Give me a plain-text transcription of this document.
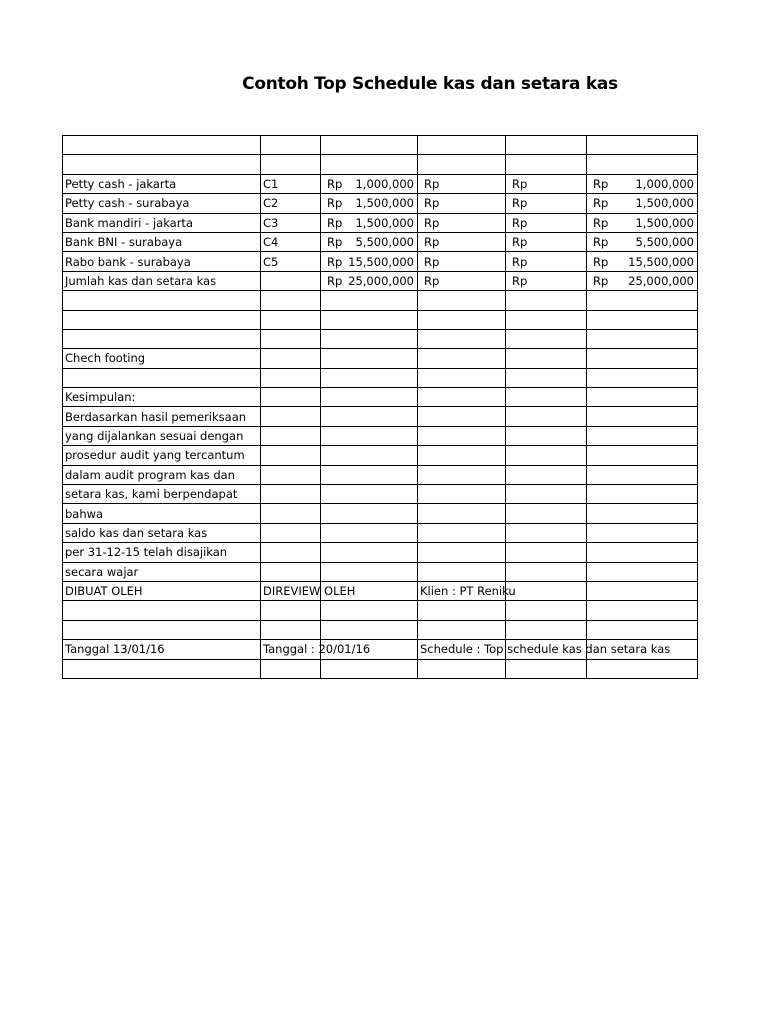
Contoh Top Schedule kas dan setara kas

Petty cash - jakarta	C1	Rp 1,000,000	Rp	Rp	Rp 1,000,000

Petty cash - surabaya	C2	Rp 1,500,000	Rp	Rp	Rp 1,500,000

Bank mandiri - jakarta	C3	Rp 1,500,000	Rp	Rp	Rp 1,500,000

Bank BNI - surabaya	C4	Rp 5,500,000	Rp	Rp	Rp 5,500,000

Rabo bank - surabaya	C5	Rp 15,500,000	Rp	Rp	Rp 15,500,000

Jumlah kas dan setara kas		Rp 25,000,000	Rp	Rp	Rp 25,000,000

Chech footing					

Kesimpulan:					
Berdasarkan hasil pemeriksaan					
yang dijalankan sesuai dengan					
prosedur audit yang tercantum					
dalam audit program kas dan					
setara kas, kami berpendapat					
bahwa					
saldo kas dan setara kas					
per 31-12-15 telah disajikan					
secara wajar					
DIBUAT OLEH	DIREVIEW OLEH		Klien : PT Reniku		

Tanggal 13/01/16	Tanggal : 20/01/16		Schedule : Top schedule kas dan setara kas		
